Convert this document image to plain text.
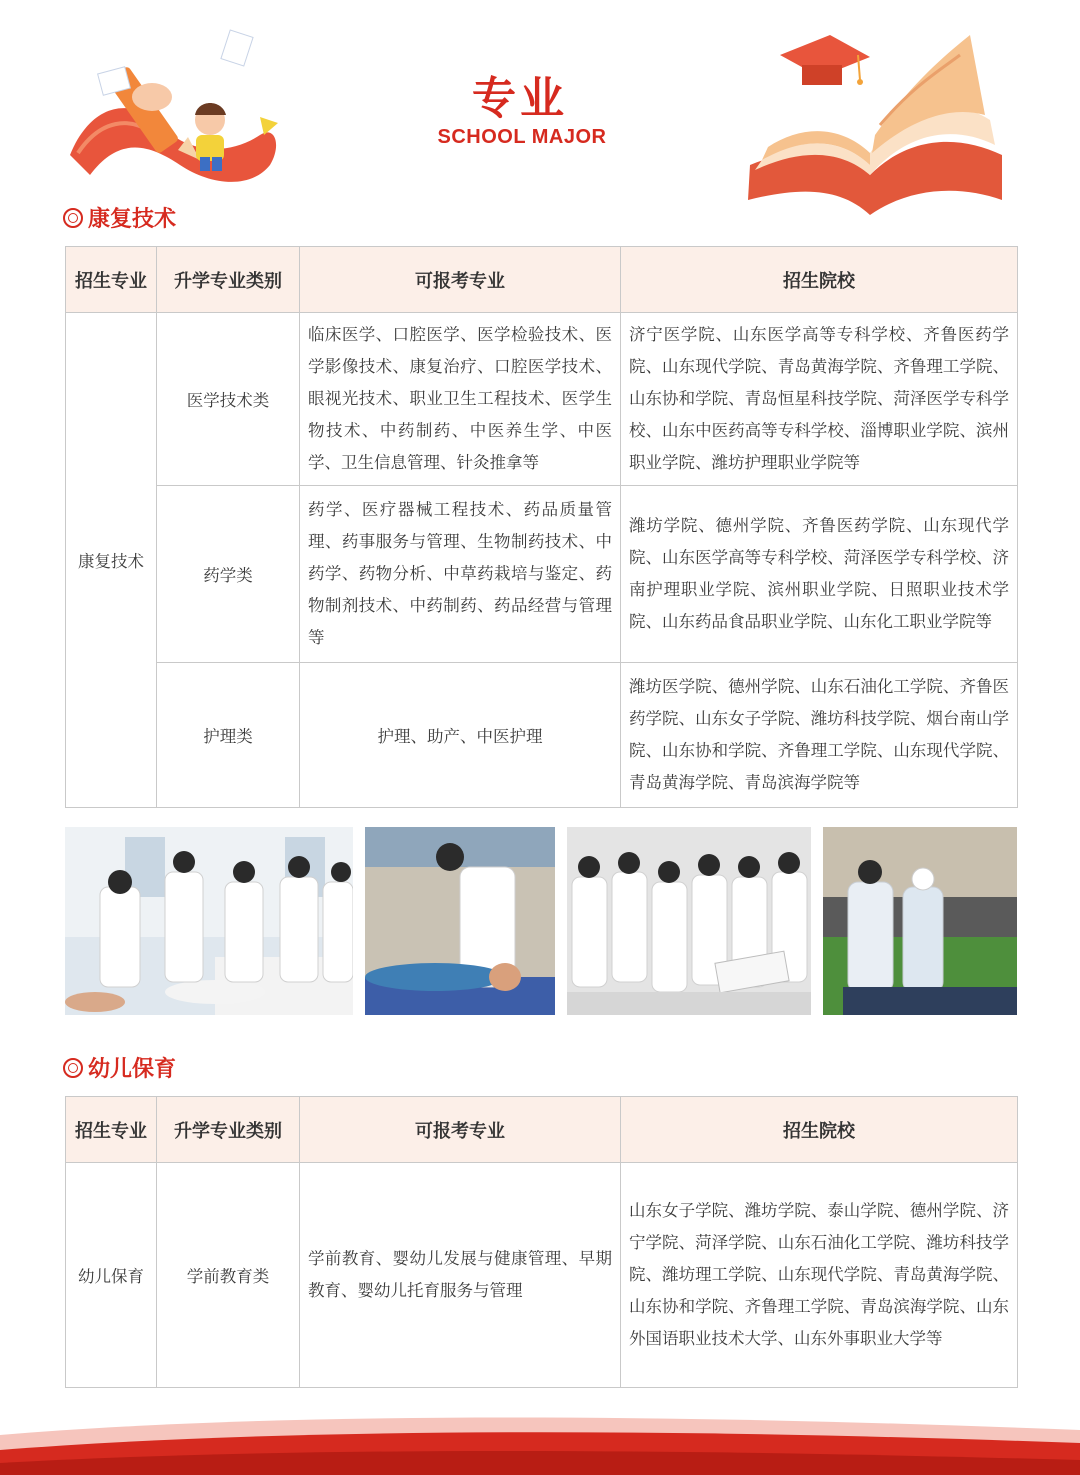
专业
SCHOOL MAJOR
康复技术
招生专业	升学专业类别	可报考专业	招生院校
康复技术	医学技术类	临床医学、口腔医学、医学检验技术、医学影像技术、康复治疗、口腔医学技术、眼视光技术、职业卫生工程技术、医学生物技术、中药制药、中医养生学、中医学、卫生信息管理、针灸推拿等	济宁医学院、山东医学高等专科学校、齐鲁医药学院、山东现代学院、青岛黄海学院、齐鲁理工学院、山东协和学院、青岛恒星科技学院、菏泽医学专科学校、山东中医药高等专科学校、淄博职业学院、滨州职业学院、潍坊护理职业学院等
	药学类	药学、医疗器械工程技术、药品质量管理、药事服务与管理、生物制药技术、中药学、药物分析、中草药栽培与鉴定、药物制剂技术、中药制药、药品经营与管理等	潍坊学院、德州学院、齐鲁医药学院、山东现代学院、山东医学高等专科学校、菏泽医学专科学校、济南护理职业学院、滨州职业学院、日照职业技术学院、山东药品食品职业学院、山东化工职业学院等
	护理类	护理、助产、中医护理	潍坊医学院、德州学院、山东石油化工学院、齐鲁医药学院、山东女子学院、潍坊科技学院、烟台南山学院、山东协和学院、齐鲁理工学院、山东现代学院、青岛黄海学院、青岛滨海学院等
幼儿保育
招生专业	升学专业类别	可报考专业	招生院校
幼儿保育	学前教育类	学前教育、婴幼儿发展与健康管理、早期教育、婴幼儿托育服务与管理	山东女子学院、潍坊学院、泰山学院、德州学院、济宁学院、菏泽学院、山东石油化工学院、潍坊科技学院、潍坊理工学院、山东现代学院、青岛黄海学院、山东协和学院、齐鲁理工学院、青岛滨海学院、山东外国语职业技术大学、山东外事职业大学等
